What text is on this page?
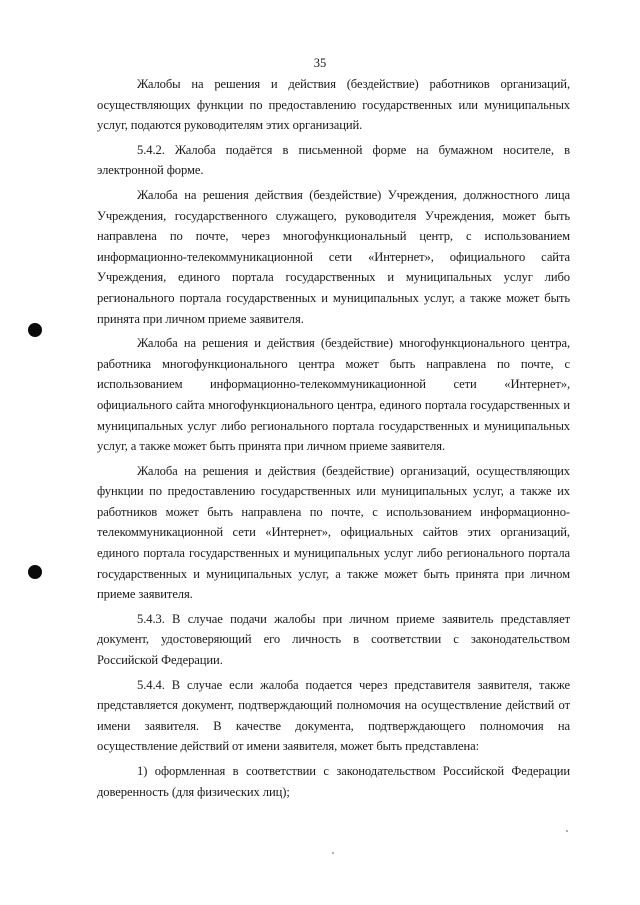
35

Жалобы на решения и действия (бездействие) работников организаций, осуществляющих функции по предоставлению государственных или муниципальных услуг, подаются руководителям этих организаций.

5.4.2. Жалоба подаётся в письменной форме на бумажном носителе, в электронной форме.

Жалоба на решения действия (бездействие) Учреждения, должностного лица Учреждения, государственного служащего, руководителя Учреждения, может быть направлена по почте, через многофункциональный центр, с использованием информационно-телекоммуникационной сети «Интернет», официального сайта Учреждения, единого портала государственных и муниципальных услуг либо регионального портала государственных и муниципальных услуг, а также может быть принята при личном приеме заявителя.

Жалоба на решения и действия (бездействие) многофункционального центра, работника многофункционального центра может быть направлена по почте, с использованием информационно-телекоммуникационной сети «Интернет», официального сайта многофункционального центра, единого портала государственных и муниципальных услуг либо регионального портала государственных и муниципальных услуг, а также может быть принята при личном приеме заявителя.

Жалоба на решения и действия (бездействие) организаций, осуществляющих функции по предоставлению государственных или муниципальных услуг, а также их работников может быть направлена по почте, с использованием информационно-телекоммуникационной сети «Интернет», официальных сайтов этих организаций, единого портала государственных и муниципальных услуг либо регионального портала государственных и муниципальных услуг, а также может быть принята при личном приеме заявителя.

5.4.3. В случае подачи жалобы при личном приеме заявитель представляет документ, удостоверяющий его личность в соответствии с законодательством Российской Федерации.

5.4.4. В случае если жалоба подается через представителя заявителя, также представляется документ, подтверждающий полномочия на осуществление действий от имени заявителя. В качестве документа, подтверждающего полномочия на осуществление действий от имени заявителя, может быть представлена:

1) оформленная в соответствии с законодательством Российской Федерации доверенность (для физических лиц);
